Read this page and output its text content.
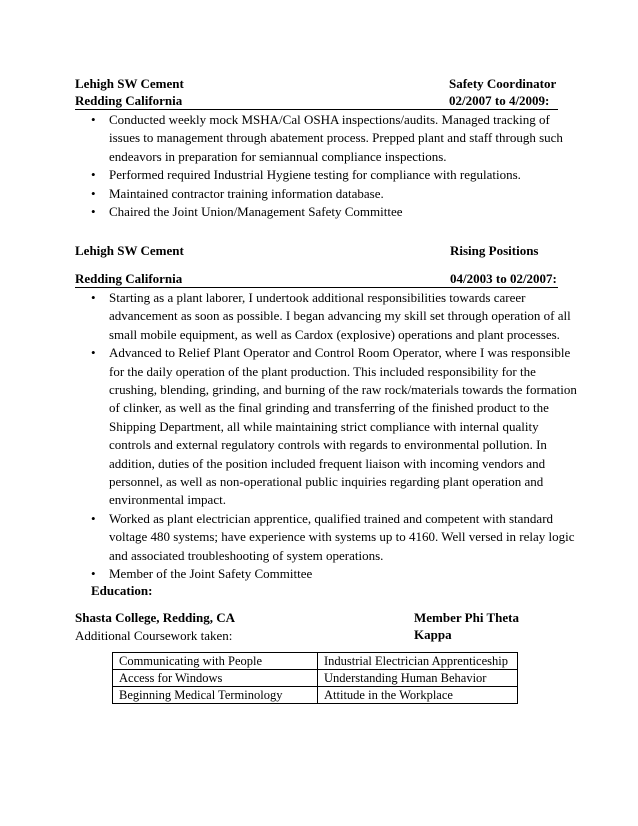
Lehigh SW Cement	Safety Coordinator
Redding California	02/2007 to 4/2009:
• Conducted weekly mock MSHA/Cal OSHA inspections/audits. Managed tracking of issues to management through abatement process. Prepped plant and staff through such endeavors in preparation for semiannual compliance inspections.
• Performed required Industrial Hygiene testing for compliance with regulations.
• Maintained contractor training information database.
• Chaired the Joint Union/Management Safety Committee
Lehigh SW Cement	Rising Positions
Redding California	04/2003 to 02/2007:
• Starting as a plant laborer, I undertook additional responsibilities towards career advancement as soon as possible. I began advancing my skill set through operation of all small mobile equipment, as well as Cardox (explosive) operations and plant processes.
• Advanced to Relief Plant Operator and Control Room Operator, where I was responsible for the daily operation of the plant production. This included responsibility for the crushing, blending, grinding, and burning of the raw rock/materials towards the formation of clinker, as well as the final grinding and transferring of the finished product to the Shipping Department, all while maintaining strict compliance with internal quality controls and external regulatory controls with regards to environmental pollution. In addition, duties of the position included frequent liaison with incoming vendors and personnel, as well as non-operational public inquiries regarding plant operation and environmental impact.
• Worked as plant electrician apprentice, qualified trained and competent with standard voltage 480 systems; have experience with systems up to 4160. Well versed in relay logic and associated troubleshooting of system operations.
• Member of the Joint Safety Committee
Education:
Shasta College, Redding, CA	Member Phi Theta Kappa
Additional Coursework taken:
Communicating with People	Industrial Electrician Apprenticeship
Access for Windows	Understanding Human Behavior
Beginning Medical Terminology	Attitude in the Workplace
